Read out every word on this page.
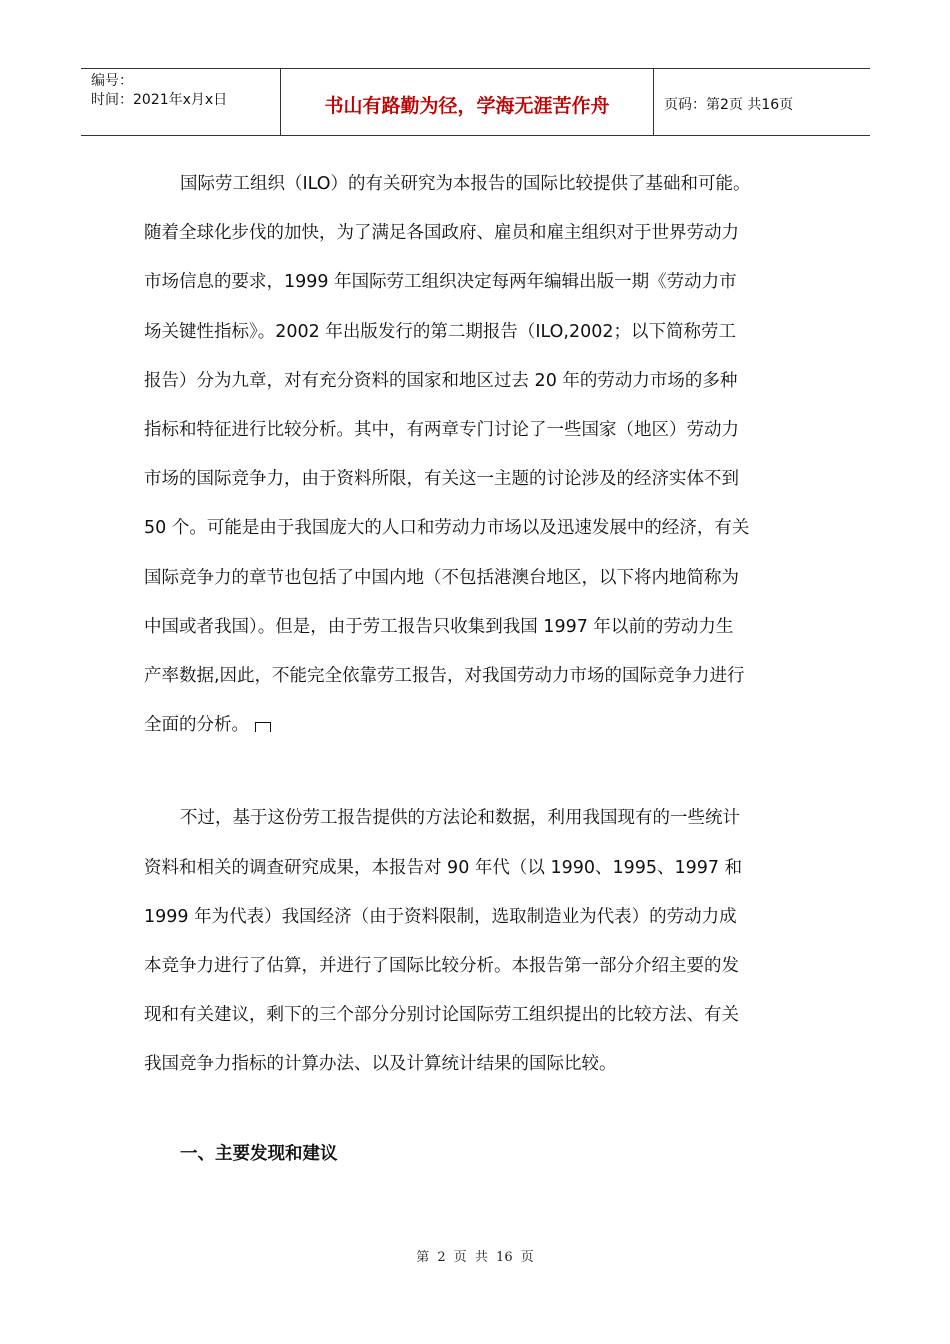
编号：
时间：2021年x月x日	书山有路勤为径，学海无涯苦作舟	页码：第2页 共16页

国际劳工组织（ILO）的有关研究为本报告的国际比较提供了基础和可能。

随着全球化步伐的加快，为了满足各国政府、雇员和雇主组织对于世界劳动力

市场信息的要求，1999 年国际劳工组织决定每两年编辑出版一期《劳动力市

场关键性指标》。2002 年出版发行的第二期报告（ILO,2002；以下简称劳工

报告）分为九章，对有充分资料的国家和地区过去 20 年的劳动力市场的多种

指标和特征进行比较分析。其中，有两章专门讨论了一些国家（地区）劳动力

市场的国际竞争力，由于资料所限，有关这一主题的讨论涉及的经济实体不到

50 个。可能是由于我国庞大的人口和劳动力市场以及迅速发展中的经济，有关

国际竞争力的章节也包括了中国内地（不包括港澳台地区，以下将内地简称为

中国或者我国）。但是，由于劳工报告只收集到我国 1997 年以前的劳动力生

产率数据,因此，不能完全依靠劳工报告，对我国劳动力市场的国际竞争力进行

全面的分析。

不过，基于这份劳工报告提供的方法论和数据，利用我国现有的一些统计

资料和相关的调查研究成果，本报告对 90 年代（以 1990、1995、1997 和

1999 年为代表）我国经济（由于资料限制，选取制造业为代表）的劳动力成

本竞争力进行了估算，并进行了国际比较分析。本报告第一部分介绍主要的发

现和有关建议，剩下的三个部分分别讨论国际劳工组织提出的比较方法、有关

我国竞争力指标的计算办法、以及计算统计结果的国际比较。

一、主要发现和建议
第 2 页 共 16 页
